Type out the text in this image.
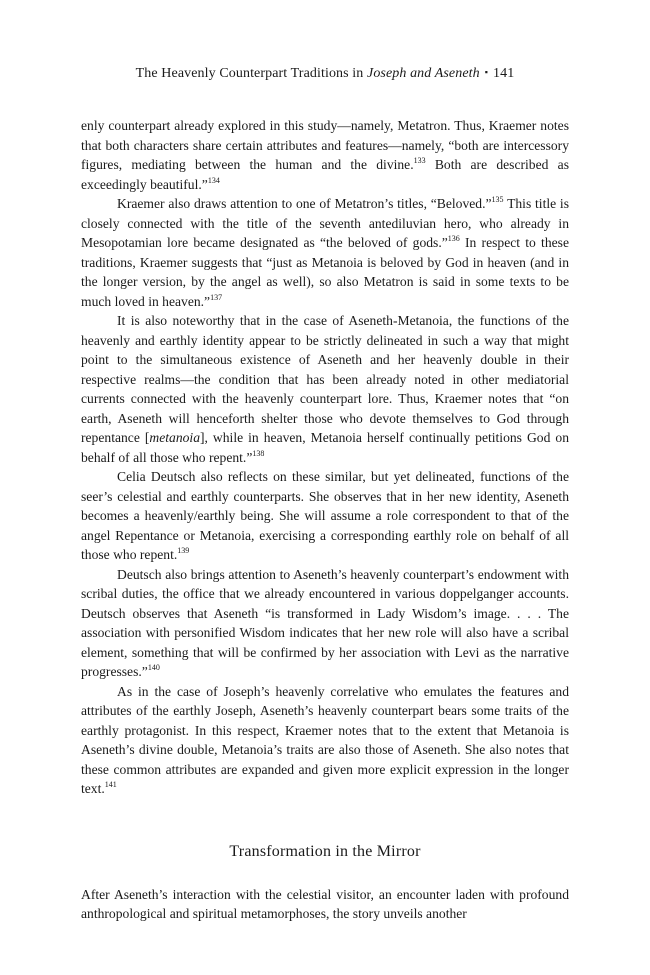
The Heavenly Counterpart Traditions in Joseph and Aseneth ▪ 141

enly counterpart already explored in this study—namely, Metatron. Thus, Kraemer notes that both characters share certain attributes and features—namely, “both are intercessory figures, mediating between the human and the divine.$^{133}$ Both are described as exceedingly beautiful.”$^{134}$

Kraemer also draws attention to one of Metatron’s titles, “Beloved.”$^{135}$ This title is closely connected with the title of the seventh antediluvian hero, who already in Mesopotamian lore became designated as “the beloved of gods.”$^{136}$ In respect to these traditions, Kraemer suggests that “just as Metanoia is beloved by God in heaven (and in the longer version, by the angel as well), so also Metatron is said in some texts to be much loved in heaven.”$^{137}$

It is also noteworthy that in the case of Aseneth-Metanoia, the functions of the heavenly and earthly identity appear to be strictly delineated in such a way that might point to the simultaneous existence of Aseneth and her heavenly double in their respective realms—the condition that has been already noted in other mediatorial currents connected with the heavenly counterpart lore. Thus, Kraemer notes that “on earth, Aseneth will henceforth shelter those who devote themselves to God through repentance [metanoia], while in heaven, Metanoia herself continually petitions God on behalf of all those who repent.”$^{138}$

Celia Deutsch also reflects on these similar, but yet delineated, functions of the seer’s celestial and earthly counterparts. She observes that in her new identity, Aseneth becomes a heavenly/earthly being. She will assume a role correspondent to that of the angel Repentance or Metanoia, exercising a corresponding earthly role on behalf of all those who repent.$^{139}$

Deutsch also brings attention to Aseneth’s heavenly counterpart’s endowment with scribal duties, the office that we already encountered in various doppelganger accounts. Deutsch observes that Aseneth “is transformed in Lady Wisdom’s image. . . . The association with personified Wisdom indicates that her new role will also have a scribal element, something that will be confirmed by her association with Levi as the narrative progresses.”$^{140}$

As in the case of Joseph’s heavenly correlative who emulates the features and attributes of the earthly Joseph, Aseneth’s heavenly counterpart bears some traits of the earthly protagonist. In this respect, Kraemer notes that to the extent that Metanoia is Aseneth’s divine double, Metanoia’s traits are also those of Aseneth. She also notes that these common attributes are expanded and given more explicit expression in the longer text.$^{141}$

Transformation in the Mirror

After Aseneth’s interaction with the celestial visitor, an encounter laden with profound anthropological and spiritual metamorphoses, the story unveils another
